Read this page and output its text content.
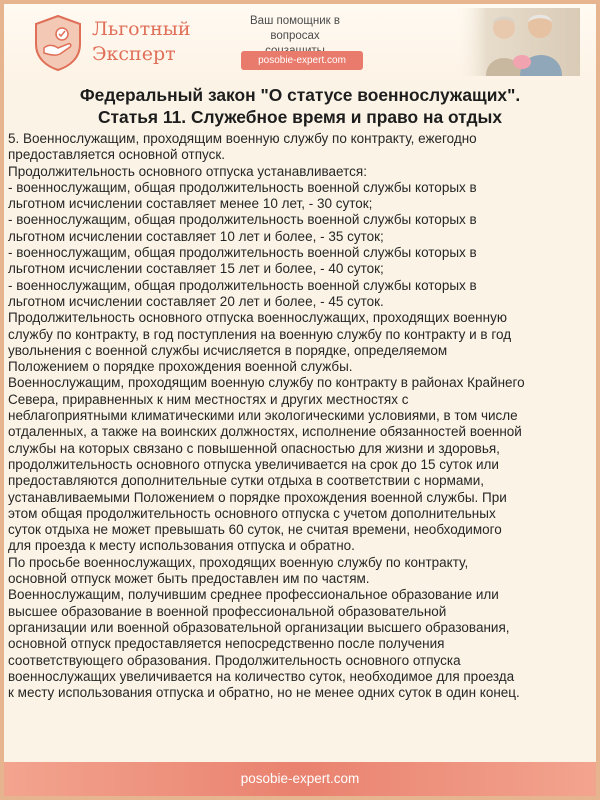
Льготный
Эксперт
Ваш помощник в вопросах
posobie-expert.com
Федеральный закон "О статусе военнослужащих".
Статья 11. Служебное время и право на отдых

5. Военнослужащим, проходящим военную службу по контракту, ежегодно

предоставляется основной отпуск.

Продолжительность основного отпуска устанавливается:

- военнослужащим, общая продолжительность военной службы которых в

льготном исчислении составляет менее 10 лет, - 30 суток;

- военнослужащим, общая продолжительность военной службы которых в

льготном исчислении составляет 10 лет и более, - 35 суток;

- военнослужащим, общая продолжительность военной службы которых в

льготном исчислении составляет 15 лет и более, - 40 суток;

- военнослужащим, общая продолжительность военной службы которых в

льготном исчислении составляет 20 лет и более, - 45 суток.

Продолжительность основного отпуска военнослужащих, проходящих военную

службу по контракту, в год поступления на военную службу по контракту и в год

увольнения с военной службы исчисляется в порядке, определяемом

Положением о порядке прохождения военной службы.

Военнослужащим, проходящим военную службу по контракту в районах Крайнего

Севера, приравненных к ним местностях и других местностях с

неблагоприятными климатическими или экологическими условиями, в том числе

отдаленных, а также на воинских должностях, исполнение обязанностей военной

службы на которых связано с повышенной опасностью для жизни и здоровья,

продолжительность основного отпуска увеличивается на срок до 15 суток или

предоставляются дополнительные сутки отдыха в соответствии с нормами,

устанавливаемыми Положением о порядке прохождения военной службы. При

этом общая продолжительность основного отпуска с учетом дополнительных

суток отдыха не может превышать 60 суток, не считая времени, необходимого

для проезда к месту использования отпуска и обратно.

По просьбе военнослужащих, проходящих военную службу по контракту,

основной отпуск может быть предоставлен им по частям.

Военнослужащим, получившим среднее профессиональное образование или

высшее образование в военной профессиональной образовательной

организации или военной образовательной организации высшего образования,

основной отпуск предоставляется непосредственно после получения

соответствующего образования. Продолжительность основного отпуска

военнослужащих увеличивается на количество суток, необходимое для проезда

к месту использования отпуска и обратно, но не менее одних суток в один конец.

posobie-expert.com
